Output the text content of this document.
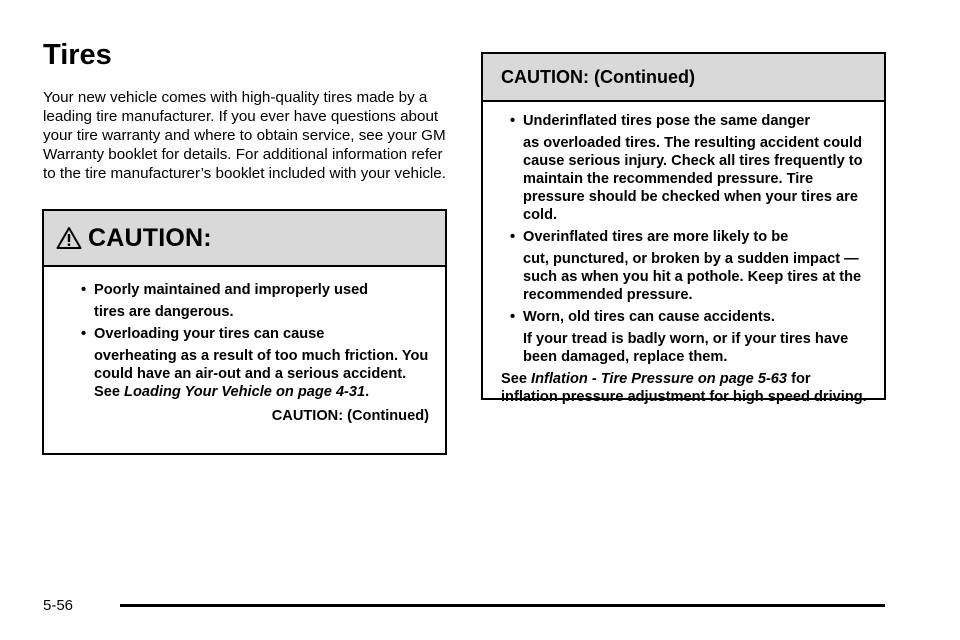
Tires

Your new vehicle comes with high-quality tires made by a leading tire manufacturer. If you ever have questions about your tire warranty and where to obtain service, see your GM Warranty booklet for details. For additional information refer to the tire manufacturer’s booklet included with your vehicle.

CAUTION:
• Poorly maintained and improperly used
tires are dangerous.
• Overloading your tires can cause
overheating as a result of too much friction. You could have an air-out and a serious accident. See Loading Your Vehicle on page 4-31.
CAUTION: (Continued)
CAUTION: (Continued)
• Underinflated tires pose the same danger
as overloaded tires. The resulting accident could cause serious injury. Check all tires frequently to maintain the recommended pressure. Tire pressure should be checked when your tires are cold.
• Overinflated tires are more likely to be
cut, punctured, or broken by a sudden impact — such as when you hit a pothole. Keep tires at the recommended pressure.
• Worn, old tires can cause accidents.
If your tread is badly worn, or if your tires have been damaged, replace them.
See Inflation - Tire Pressure on page 5-63 for inflation pressure adjustment for high speed driving.
5-56
